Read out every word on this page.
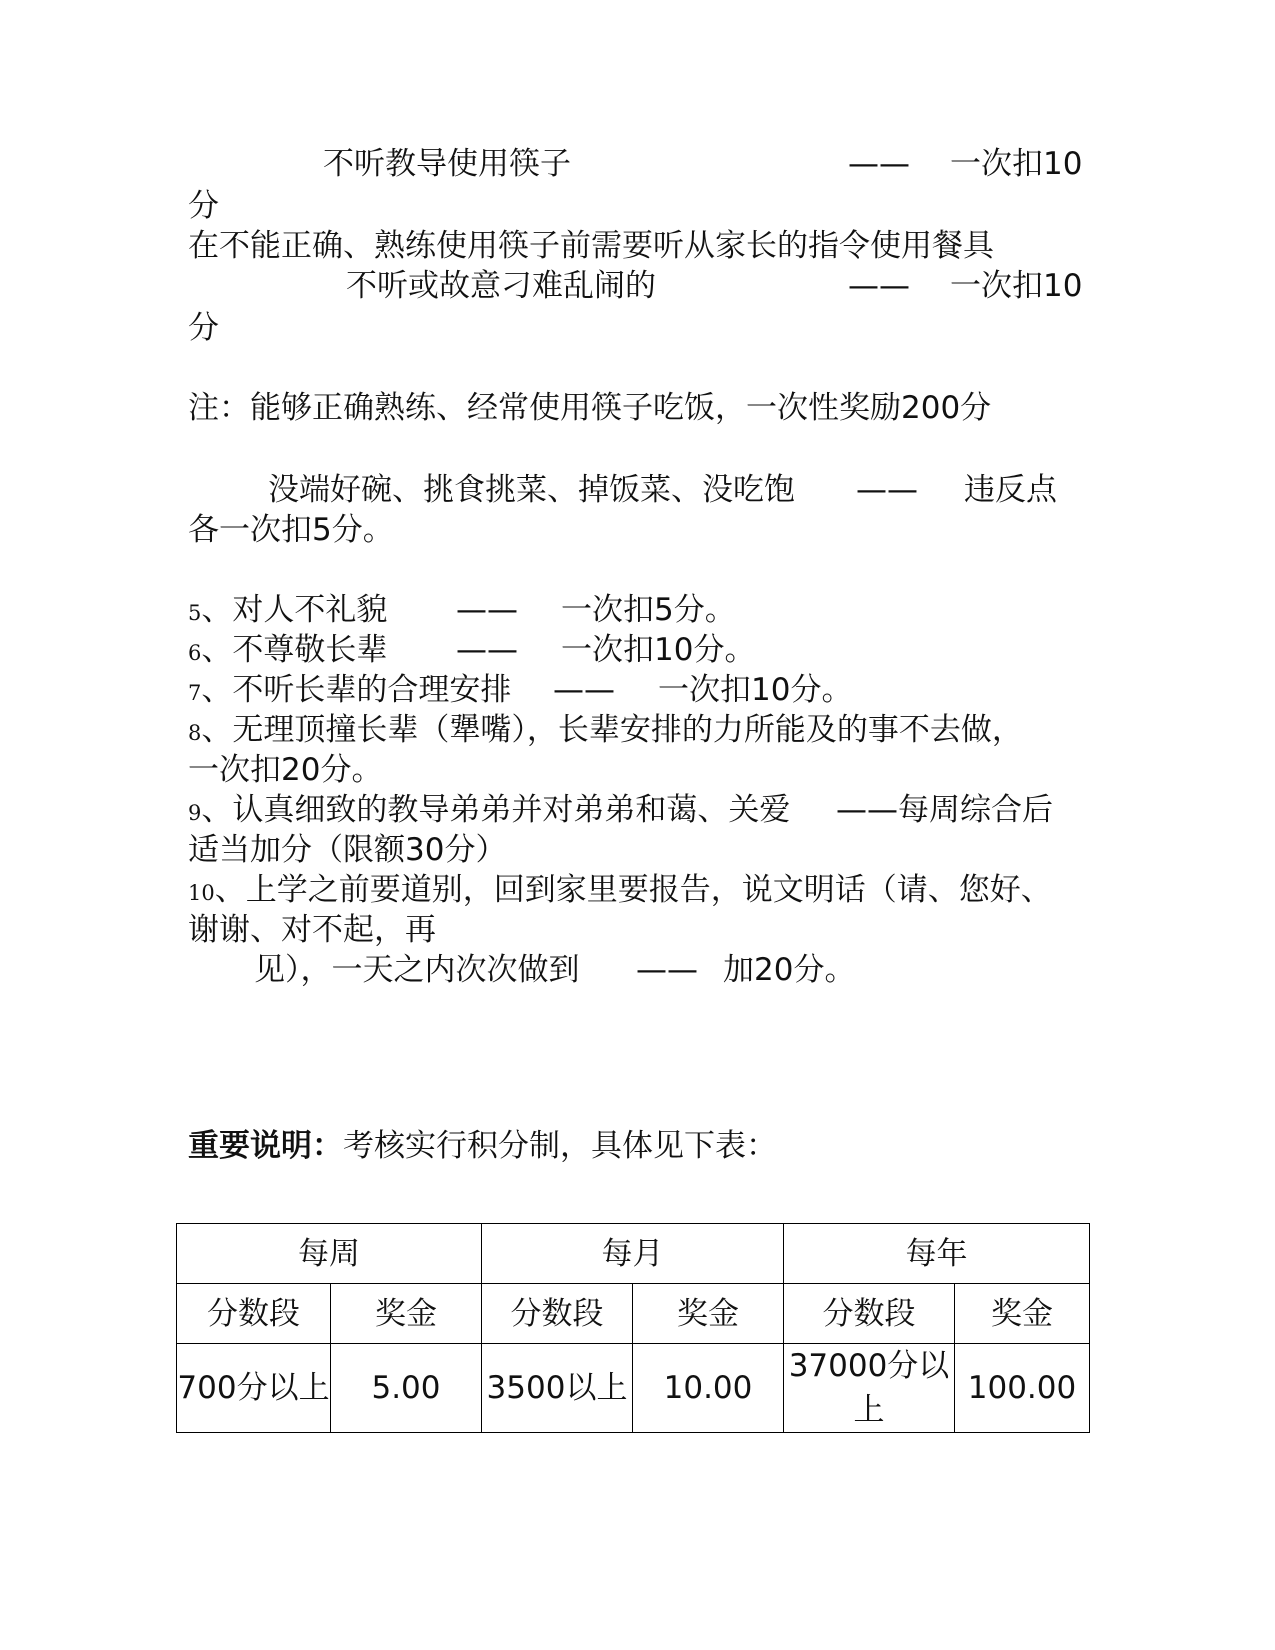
不听教导使用筷子	—— 一次扣10
分
在不能正确、熟练使用筷子前需要听从家长的指令使用餐具
不听或故意刁难乱闹的	—— 一次扣10
分
注：能够正确熟练、经常使用筷子吃饭，一次性奖励200分
没端好碗、挑食挑菜、掉饭菜、没吃饱 —— 违反点
各一次扣5分。
5、对人不礼貌 —— 一次扣5分。
6、不尊敬长辈 —— 一次扣10分。
7、不听长辈的合理安排 —— 一次扣10分。
8、无理顶撞长辈（犟嘴），长辈安排的力所能及的事不去做，
一次扣20分。
9、认真细致的教导弟弟并对弟弟和蔼、关爱 ——每周综合后
适当加分（限额30分）
10、上学之前要道别，回到家里要报告，说文明话（请、您好、
谢谢、对不起，再
见），一天之内次次做到 —— 加20分。
重要说明：考核实行积分制，具体见下表：
每周		每月		每年	
分数段	奖金	分数段	奖金	分数段	奖金
700分以上	5.00	3500以上	10.00	37000分以上	100.00
